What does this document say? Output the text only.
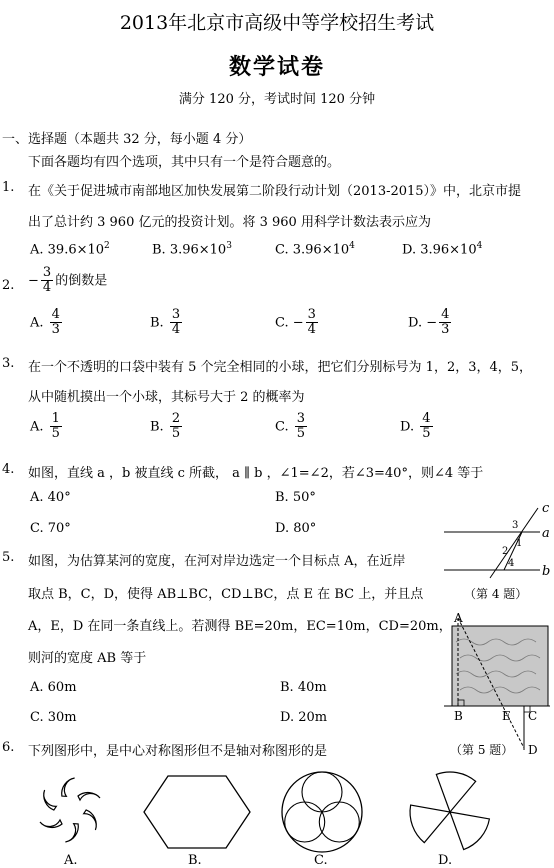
2013年北京市高级中等学校招生考试
数学试卷
满分 120 分，考试时间 120 分钟
一、选择题（本题共 32 分，每小题 4 分）
下面各题均有四个选项，其中只有一个是符合题意的。
1. 在《关于促进城市南部地区加快发展第二阶段行动计划（2013-2015）》中，北京市提
出了总计约 3 960 亿元的投资计划。将 3 960 用科学计数法表示应为
A. $39.6\times 10^2$	B. $3.96\times 10^3$	C. $3.96\times 10^4$	D. $3.96\times 10^4$
2. − $\frac{3}{4}$ 的倒数是
A. $\frac{4}{3}$	B. $\frac{3}{4}$	C. − $\frac{3}{4}$	D. − $\frac{4}{3}$
3. 在一个不透明的口袋中装有 5 个完全相同的小球，把它们分别标号为 1，2，3，4，5，
从中随机摸出一个小球，其标号大于 2 的概率为
A. $\frac{1}{5}$	B. $\frac{2}{5}$	C. $\frac{3}{5}$	D. $\frac{4}{5}$
4. 如图，直线 a ，b 被直线 c 所截， a ∥ b ，∠1=∠2，若∠3=40°，则∠4 等于
A. 40°	B. 50°
C. 70°	D. 80°
c
a
b
3
1
2
4
（第 4 题）
5. 如图，为估算某河的宽度，在河对岸边选定一个目标点 A，在近岸
取点 B，C，D，使得 AB⊥BC，CD⊥BC，点 E 在 BC 上，并且点
A，E，D 在同一条直线上。若测得 BE=20m，EC=10m，CD=20m，
则河的宽度 AB 等于
A. 60m	B. 40m
C. 30m	D. 20m
A
B	E C
D
（第 5 题）
6. 下列图形中，是中心对称图形但不是轴对称图形的是
A.	B.	C.	D.
